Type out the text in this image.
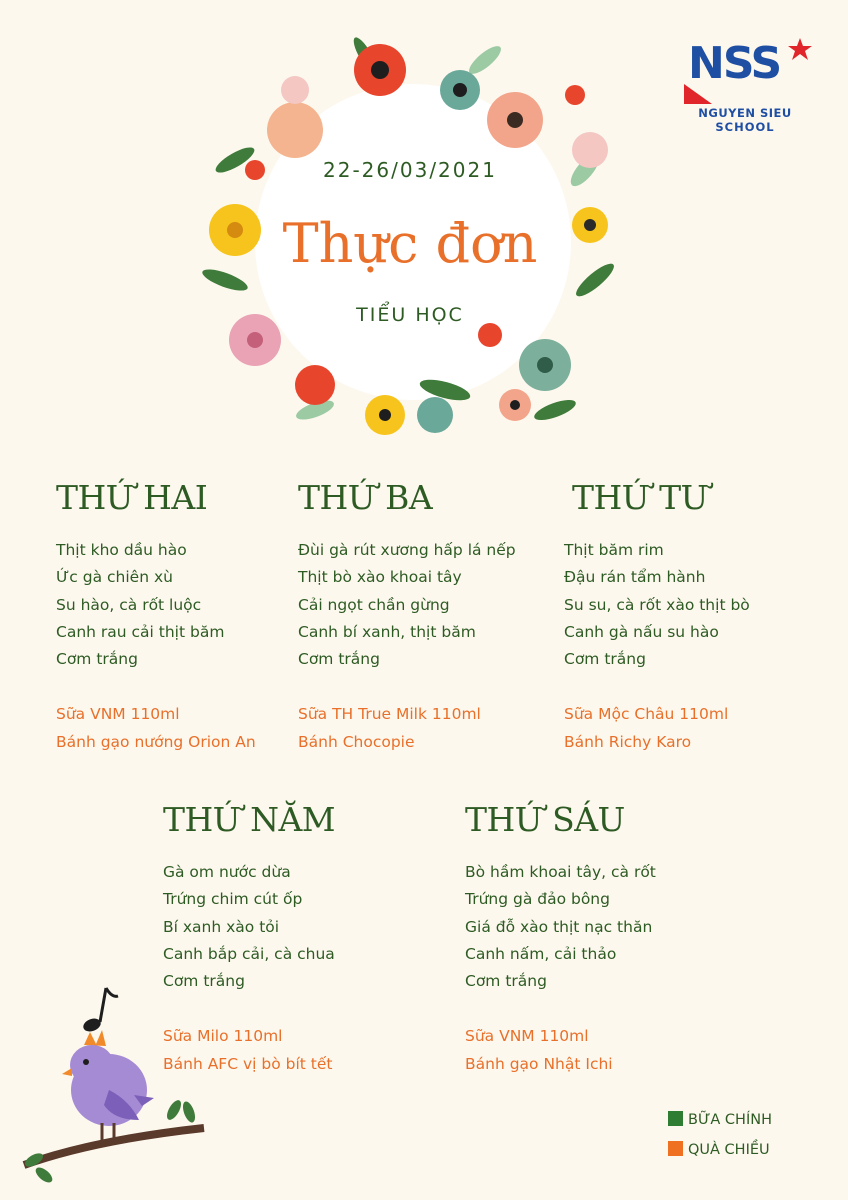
22-26/03/2021
Thực đơn
TIỂU HỌC
NSS
NGUYEN SIEU
SCHOOL
THỨ HAI
Thịt kho dầu hào
Ức gà chiên xù
Su hào, cà rốt luộc
Canh rau cải thịt băm
Cơm trắng
Sữa VNM 110ml
Bánh gạo nướng Orion An
THỨ BA
Đùi gà rút xương hấp lá nếp
Thịt bò xào khoai tây
Cải ngọt chần gừng
Canh bí xanh, thịt băm
Cơm trắng
Sữa TH True Milk 110ml
Bánh Chocopie
THỨ TƯ
Thịt băm rim
Đậu rán tẩm hành
Su su, cà rốt xào thịt bò
Canh gà nấu su hào
Cơm trắng
Sữa Mộc Châu 110ml
Bánh Richy Karo
THỨ NĂM
Gà om nước dừa
Trứng chim cút ốp
Bí xanh xào tỏi
Canh bắp cải, cà chua
Cơm trắng
Sữa Milo 110ml
Bánh AFC vị bò bít tết
THỨ SÁU
Bò hầm khoai tây, cà rốt
Trứng gà đảo bông
Giá đỗ xào thịt nạc thăn
Canh nấm, cải thảo
Cơm trắng
Sữa VNM 110ml
Bánh gạo Nhật Ichi
BỮA CHÍNH
QUÀ CHIỀU
